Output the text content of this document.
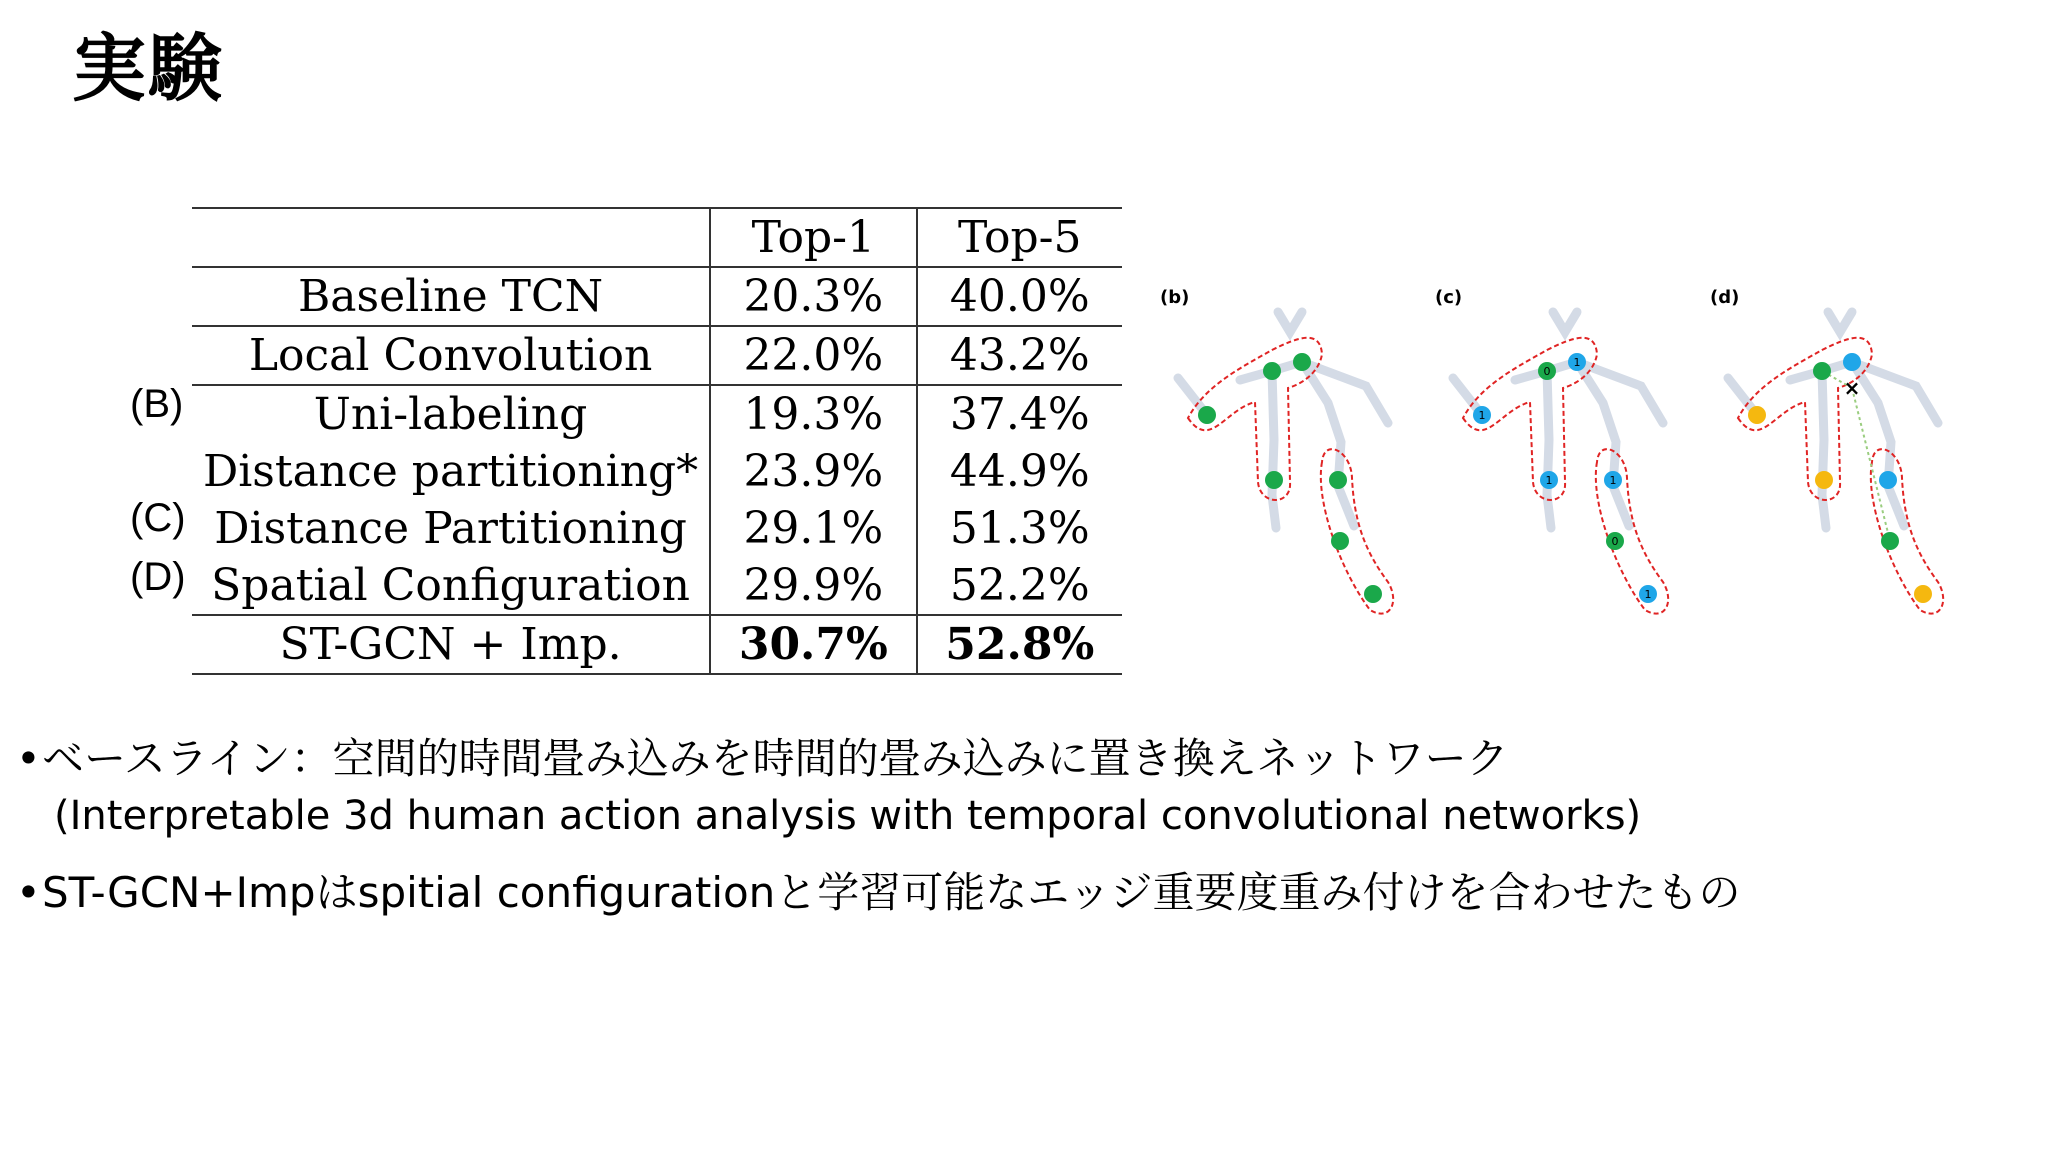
実験
	Top-1	Top-5
Baseline TCN	20.3%	40.0%
Local Convolution	22.0%	43.2%
Uni-labeling	19.3%	37.4%
Distance partitioning*	23.9%	44.9%
Distance Partitioning	29.1%	51.3%
Spatial Configuration	29.9%	52.2%
ST-GCN + Imp.	30.7%	52.8%
(B)
(C)
(D)
(b)	(c)
1
0
1
1	1
0
1
(d)
×
•ベースライン：空間的時間畳み込みを時間的畳み込みに置き換えネットワーク
(Interpretable 3d human action analysis with temporal convolutional networks)
•ST-GCN+Impはspitial configurationと学習可能なエッジ重要度重み付けを合わせたもの
